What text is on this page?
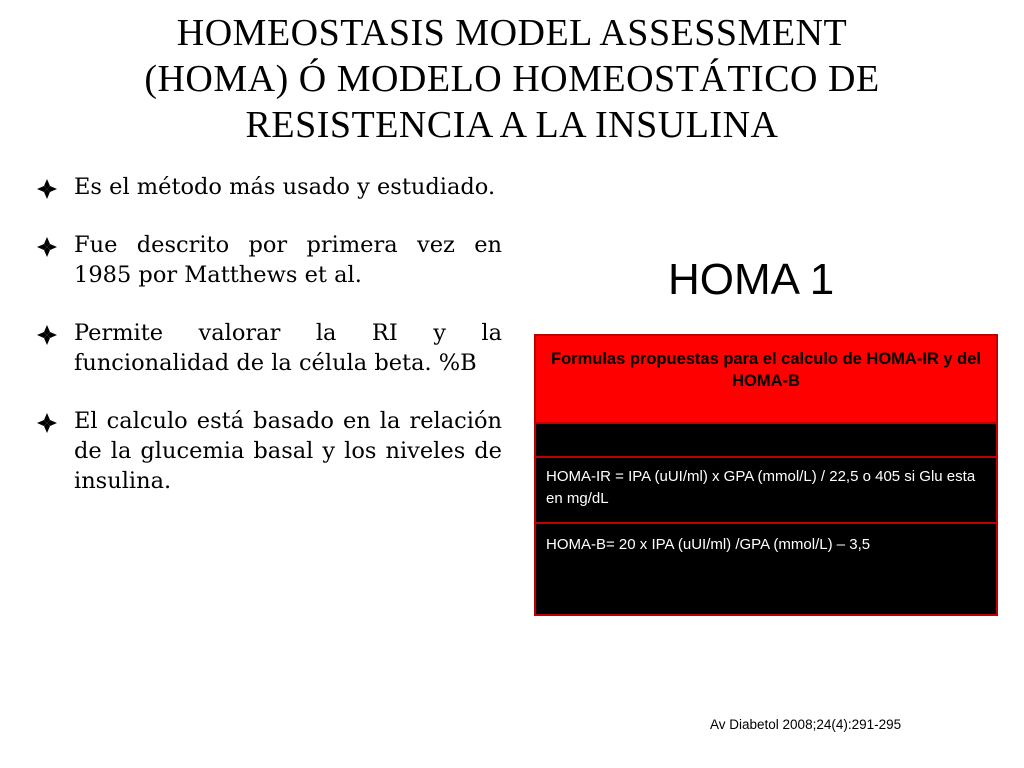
HOMEOSTASIS MODEL ASSESSMENT
(HOMA) Ó MODELO HOMEOSTÁTICO DE
RESISTENCIA A LA INSULINA
Es el método más usado y estudiado.
Fue descrito por primera vez en 1985 por Matthews et al.
Permite valorar la RI y la funcionalidad de la célula beta. %B
El calculo está basado en la relación de la glucemia basal y los niveles de insulina.
HOMA 1
Formulas propuestas para el calculo de HOMA-IR y del HOMA-B
HOMA-IR = IPA (uUI/ml) x GPA (mmol/L) / 22,5 o 405 si Glu esta en mg/dL
HOMA-B= 20 x IPA (uUI/ml) /GPA (mmol/L) – 3,5
Av Diabetol 2008;24(4):291-295
